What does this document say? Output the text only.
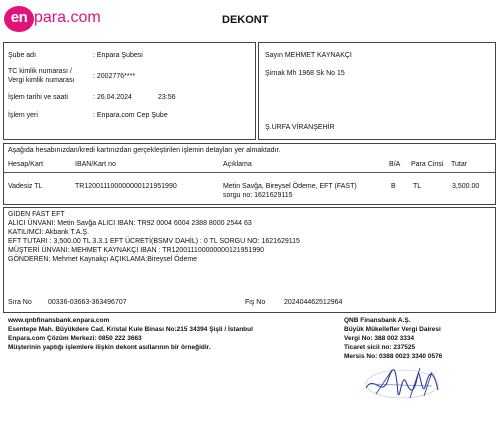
en para.com	DEKONT
Şube adı	: Enpara Şubesi
TC kimlik numarası /
Vergi kimlik numarası
: 2002776****
İşlem tarihi ve saati	: 26.04.2024	23:56
İşlem yeri	: Enpara.com Cep Şube
Sayın MEHMET KAYNAKÇI
Şirnak Mh 1968 Sk No 15
Ş.URFA VİRANŞEHİR
Aşağıda hesabınızdan/kredi kartınızdan gerçekleştirilen işlemin detayları yer almaktadır.
Hesap/Kart	IBAN/Kart no	Açıklama	B/A Para Cinsi Tutar
Vadesiz TL	TR120011100000000121951990	Metin Savğa, Bireysel Ödeme, EFT (FAST)
sorgu no: 1621629115
B TL	3,500.00
GIDEN FAST EFT
ALICI ÜNVANI: Metin Savğa ALICI IBAN: TR92 0004 6004 2388 8000 2544 63
KATILIMCI: Akbank T.A.Ş.
EFT TUTARI : 3,500.00 TL 3.3.1 EFT ÜCRETİ(BSMV DAHİL) : 0 TL SORGU NO: 1621629115
MÜŞTERİ ÜNVANI: MEHMET KAYNAKÇI IBAN : TR120011100000000121951990
GÖNDEREN: Mehmet Kaynakçı AÇIKLAMA:Bireysel Ödeme
Sıra No 00336-03663-363496707	Fiş No	202404462512964
www.qnbfinansbank.enpara.com
Esentepe Mah. Büyükdere Cad. Kristal Kule Binası No:215 34394 Şişli / İstanbul
Enpara.com Çözüm Merkezi: 0850 222 3663
Müşterinin yaptığı işlemlere ilişkin dekont asıllarının bir örneğidir.
QNB Finansbank A.Ş.
Büyük Mükellefler Vergi Dairesi
Vergi No: 388 002 3334
Ticaret sicil no: 237525
Mersis No: 0388 0023 3340 0576
